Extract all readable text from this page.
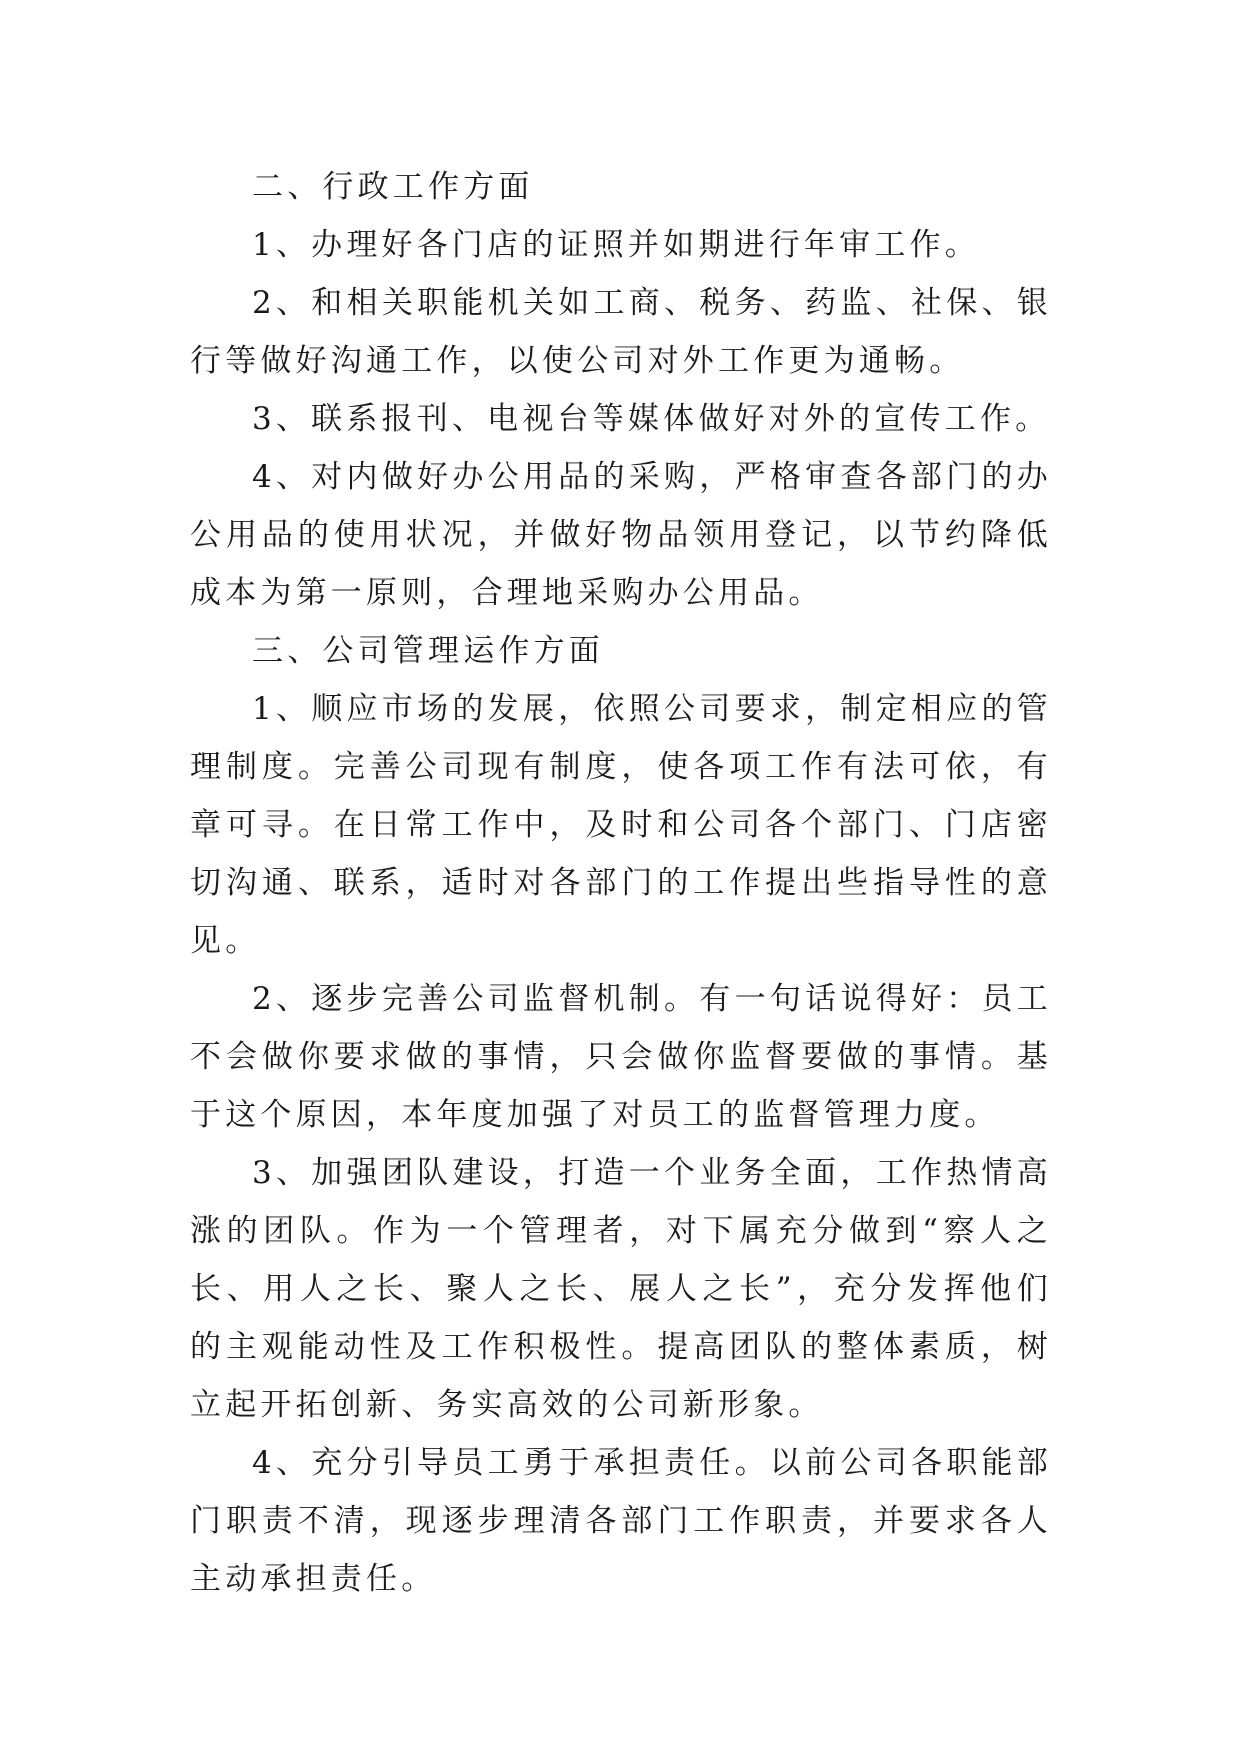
二、行政工作方面

1、办理好各门店的证照并如期进行年审工作。

2、和相关职能机关如工商、税务、药监、社保、银行等做好沟通工作，以使公司对外工作更为通畅。

3、联系报刊、电视台等媒体做好对外的宣传工作。

4、对内做好办公用品的采购，严格审查各部门的办公用品的使用状况，并做好物品领用登记，以节约降低成本为第一原则，合理地采购办公用品。

三、公司管理运作方面

1、顺应市场的发展，依照公司要求，制定相应的管理制度。完善公司现有制度，使各项工作有法可依，有章可寻。在日常工作中，及时和公司各个部门、门店密切沟通、联系，适时对各部门的工作提出些指导性的意见。

2、逐步完善公司监督机制。有一句话说得好：员工不会做你要求做的事情，只会做你监督要做的事情。基于这个原因，本年度加强了对员工的监督管理力度。

3、加强团队建设，打造一个业务全面，工作热情高涨的团队。作为一个管理者，对下属充分做到“察人之长、用人之长、聚人之长、展人之长”，充分发挥他们的主观能动性及工作积极性。提高团队的整体素质，树立起开拓创新、务实高效的公司新形象。

4、充分引导员工勇于承担责任。以前公司各职能部门职责不清，现逐步理清各部门工作职责，并要求各人主动承担责任。
